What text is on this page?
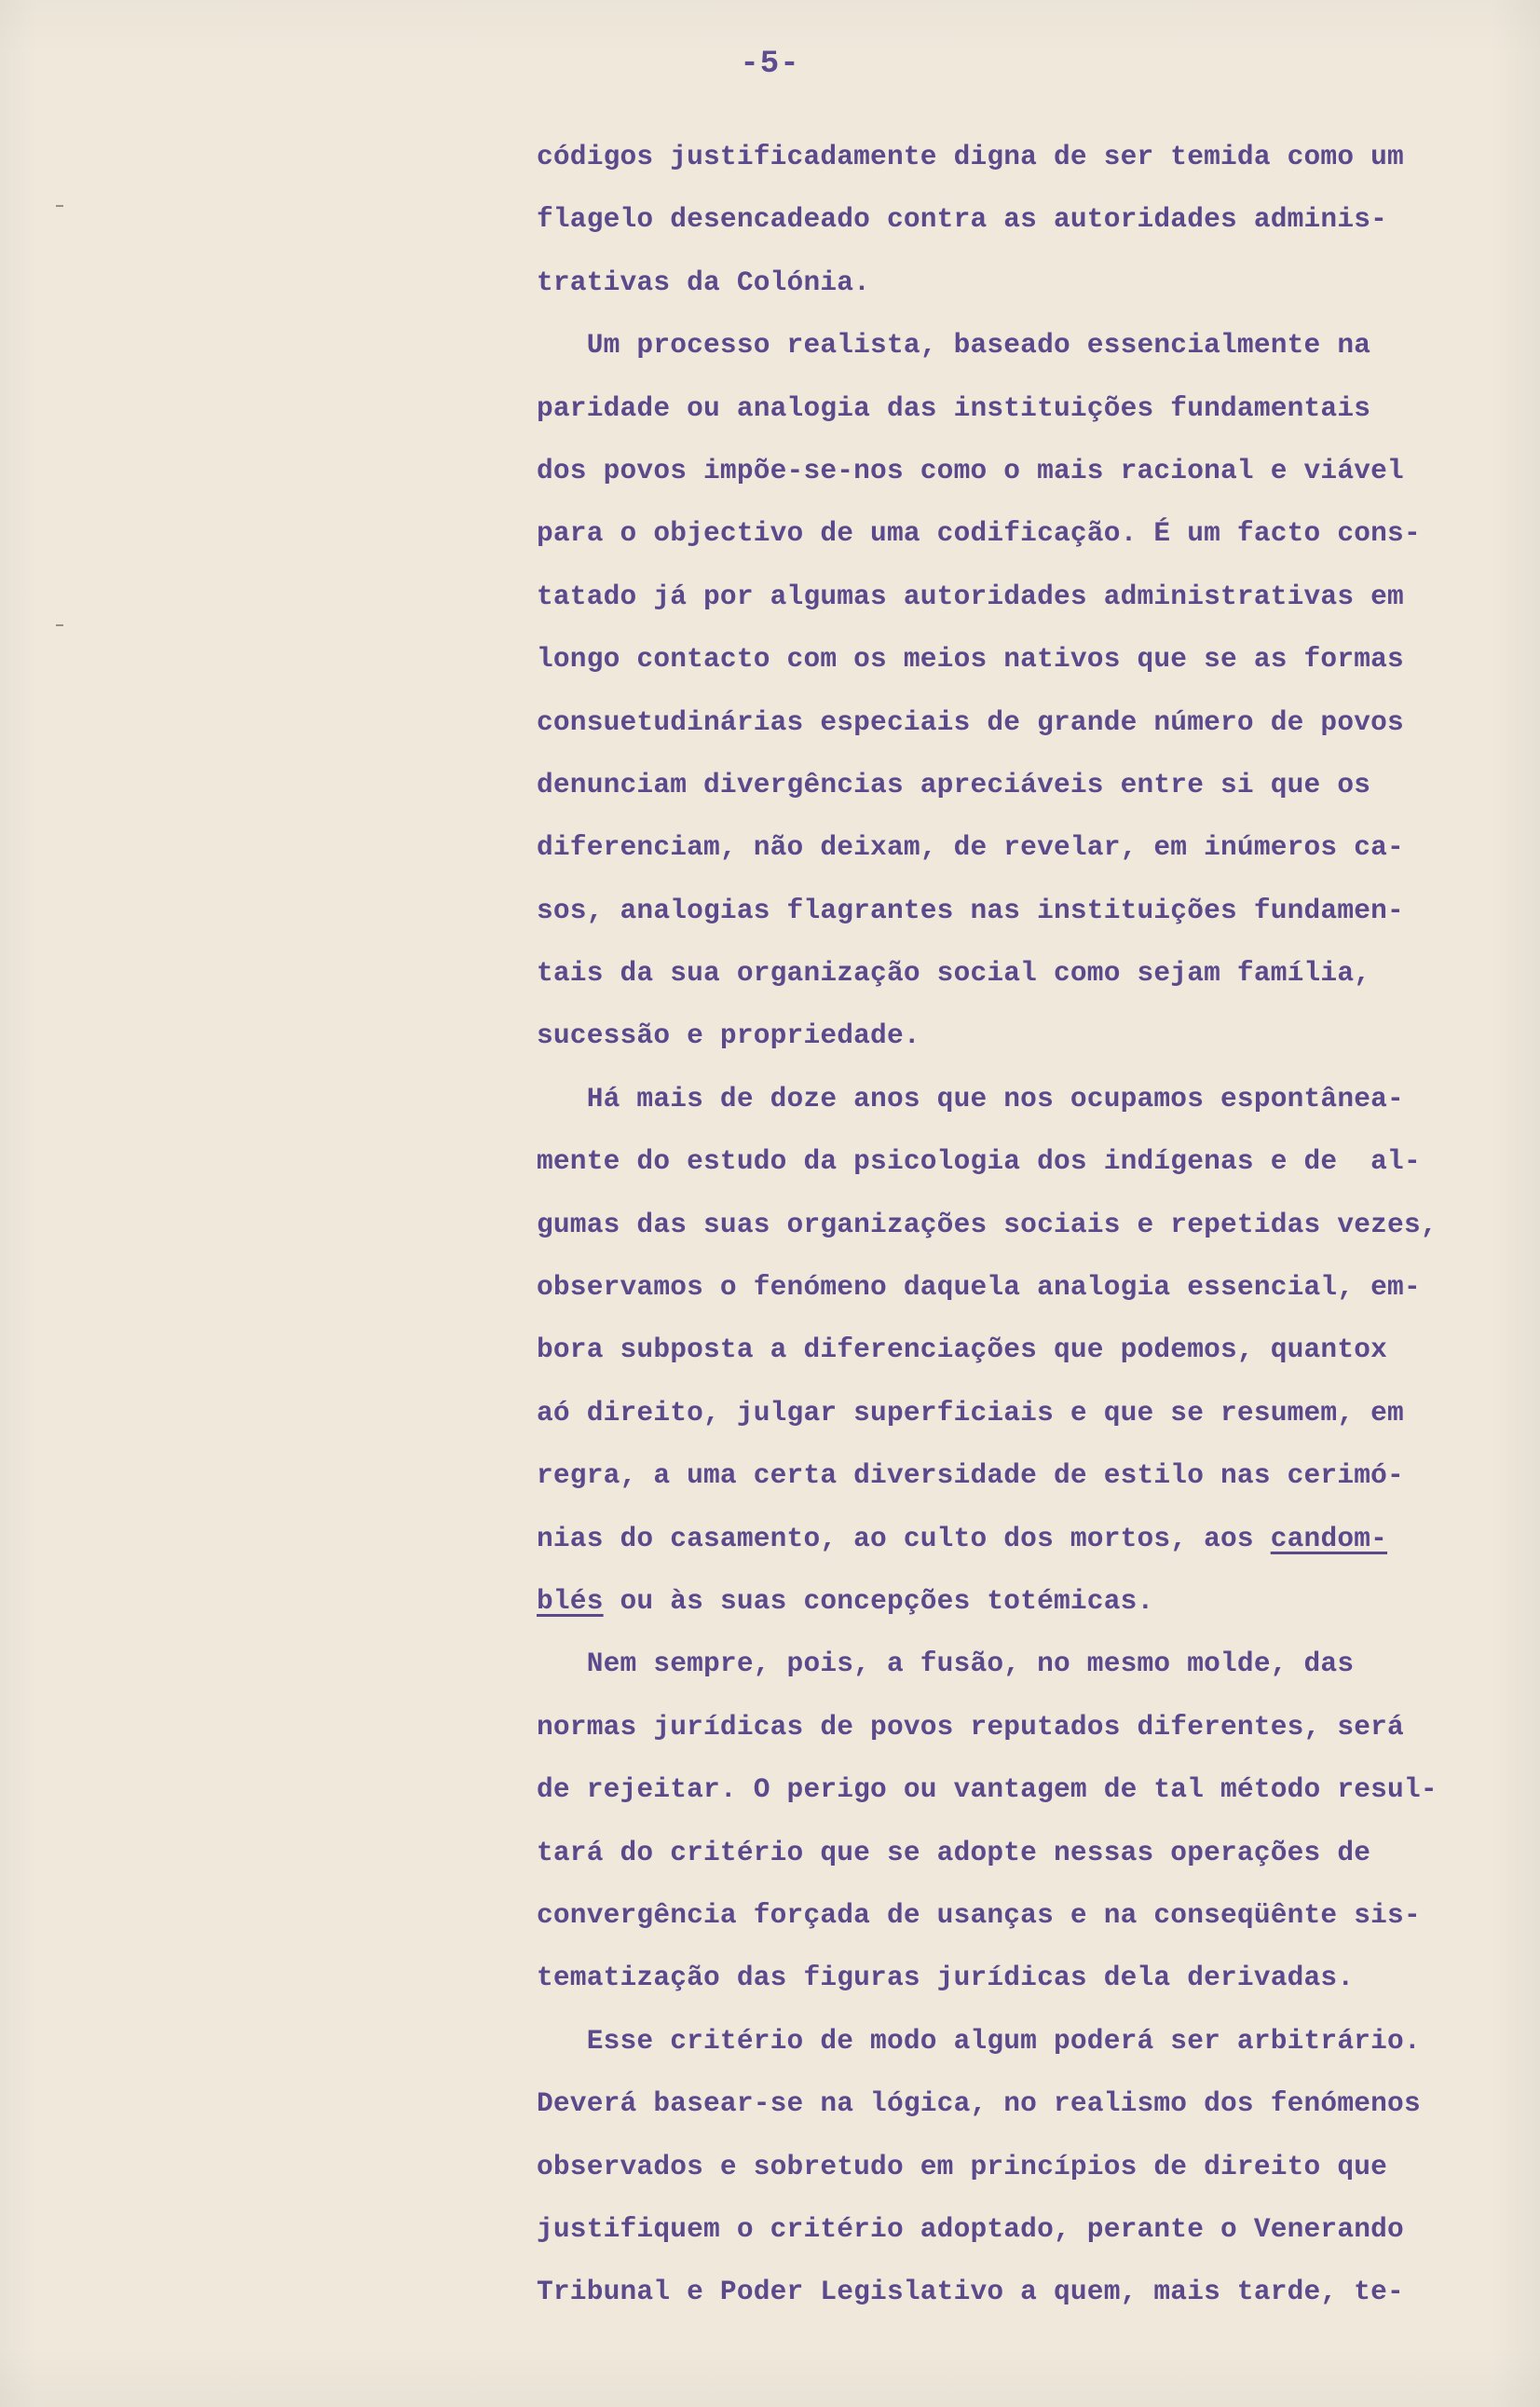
-5-
códigos justificadamente digna de ser temida como um
flagelo desencadeado contra as autoridades adminis-
trativas da Colónia.
Um processo realista, baseado essencialmente na
paridade ou analogia das instituições fundamentais
dos povos impõe-se-nos como o mais racional e viável
para o objectivo de uma codificação. É um facto cons-
tatado já por algumas autoridades administrativas em
longo contacto com os meios nativos que se as formas
consuetudinárias especiais de grande número de povos
denunciam divergências apreciáveis entre si que os
diferenciam, não deixam, de revelar, em inúmeros ca-
sos, analogias flagrantes nas instituições fundamen-
tais da sua organização social como sejam família,
sucessão e propriedade.
Há mais de doze anos que nos ocupamos espontânea-
mente do estudo da psicologia dos indígenas e de  al-
gumas das suas organizações sociais e repetidas vezes,
observamos o fenómeno daquela analogia essencial, em-
bora subposta a diferenciações que podemos, quantox
aó direito, julgar superficiais e que se resumem, em
regra, a uma certa diversidade de estilo nas cerimó-
nias do casamento, ao culto dos mortos, aos candom-
blés ou às suas concepções totémicas.
Nem sempre, pois, a fusão, no mesmo molde, das
normas jurídicas de povos reputados diferentes, será
de rejeitar. O perigo ou vantagem de tal método resul-
tará do critério que se adopte nessas operações de
convergência forçada de usanças e na conseqüênte sis-
tematização das figuras jurídicas dela derivadas.
Esse critério de modo algum poderá ser arbitrário.
Deverá basear-se na lógica, no realismo dos fenómenos
observados e sobretudo em princípios de direito que
justifiquem o critério adoptado, perante o Venerando
Tribunal e Poder Legislativo a quem, mais tarde, te-
